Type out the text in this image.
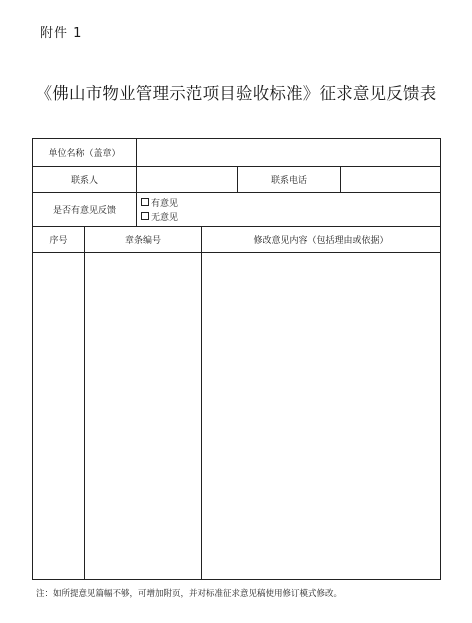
附件 1
《佛山市物业管理示范项目验收标准》征求意见反馈表
单位名称（盖章）
联系人	联系电话
是否有意见反馈
有意见
无意见
序号	章条编号	修改意见内容（包括理由或依据）
注：如所提意见篇幅不够，可增加附页，并对标准征求意见稿使用修订模式修改。
